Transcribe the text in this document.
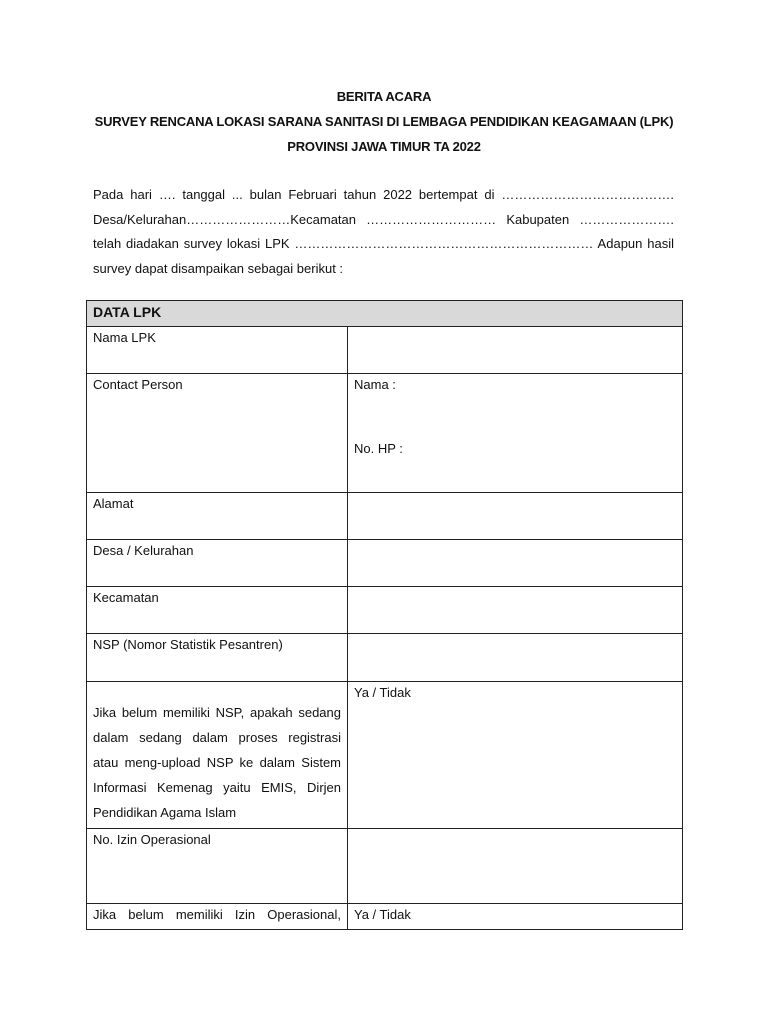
BERITA ACARA
SURVEY RENCANA LOKASI SARANA SANITASI DI LEMBAGA PENDIDIKAN KEAGAMAAN (LPK)
PROVINSI JAWA TIMUR TA 2022
Pada hari …. tanggal ... bulan Februari tahun 2022 bertempat di ………………………………….
Desa/Kelurahan……………………Kecamatan ………………………… Kabupaten ………………….
telah diadakan survey lokasi LPK …………………………………………………………… Adapun hasil
survey dapat disampaikan sebagai berikut :
DATA LPK	
Nama LPK	
Contact Person	Nama :
No. HP :

Alamat	
Desa / Kelurahan	
Kecamatan	
NSP (Nomor Statistik Pesantren)	
Jika belum memiliki NSP, apakah sedang dalam sedang dalam proses registrasi atau meng-upload NSP ke dalam Sistem Informasi Kemenag yaitu EMIS, Dirjen Pendidikan Agama Islam	Ya / Tidak
No. Izin Operasional	
Jika belum memiliki Izin Operasional,	Ya / Tidak
